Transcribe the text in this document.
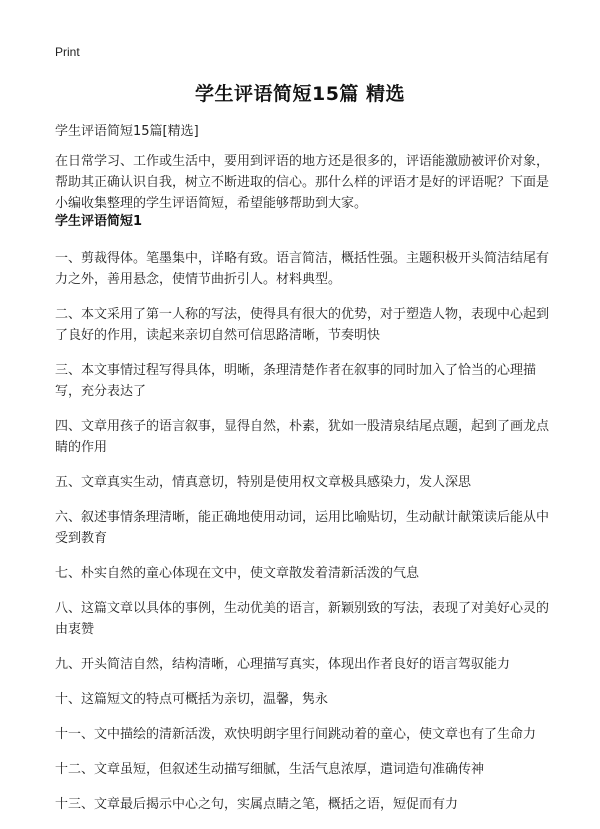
Print
学生评语简短15篇 精选
学生评语简短15篇[精选]
在日常学习、工作或生活中，要用到评语的地方还是很多的，评语能激励被评价对象，帮助其正确认识自我，树立不断进取的信心。那什么样的评语才是好的评语呢？下面是小编收集整理的学生评语简短，希望能够帮助到大家。
学生评语简短1
一、剪裁得体。笔墨集中，详略有致。语言简洁，概括性强。主题积极开头简洁结尾有力之外，善用悬念，使情节曲折引人。材料典型。
二、本文采用了第一人称的写法，使得具有很大的优势，对于塑造人物，表现中心起到了良好的作用，读起来亲切自然可信思路清晰，节奏明快
三、本文事情过程写得具体，明晰，条理清楚作者在叙事的同时加入了恰当的心理描写，充分表达了
四、文章用孩子的语言叙事，显得自然，朴素，犹如一股清泉结尾点题，起到了画龙点睛的作用
五、文章真实生动，情真意切，特别是使用权文章极具感染力，发人深思
六、叙述事情条理清晰，能正确地使用动词，运用比喻贴切，生动献计献策读后能从中受到教育
七、朴实自然的童心体现在文中，使文章散发着清新活泼的气息
八、这篇文章以具体的事例，生动优美的语言，新颖别致的写法，表现了对美好心灵的由衷赞
九、开头简洁自然，结构清晰，心理描写真实，体现出作者良好的语言驾驭能力
十、这篇短文的特点可概括为亲切，温馨，隽永
十一、文中描绘的清新活泼，欢快明朗字里行间跳动着的童心，使文章也有了生命力
十二、文章虽短，但叙述生动描写细腻，生活气息浓厚，遣词造句准确传神
十三、文章最后揭示中心之句，实属点睛之笔，概括之语，短促而有力
